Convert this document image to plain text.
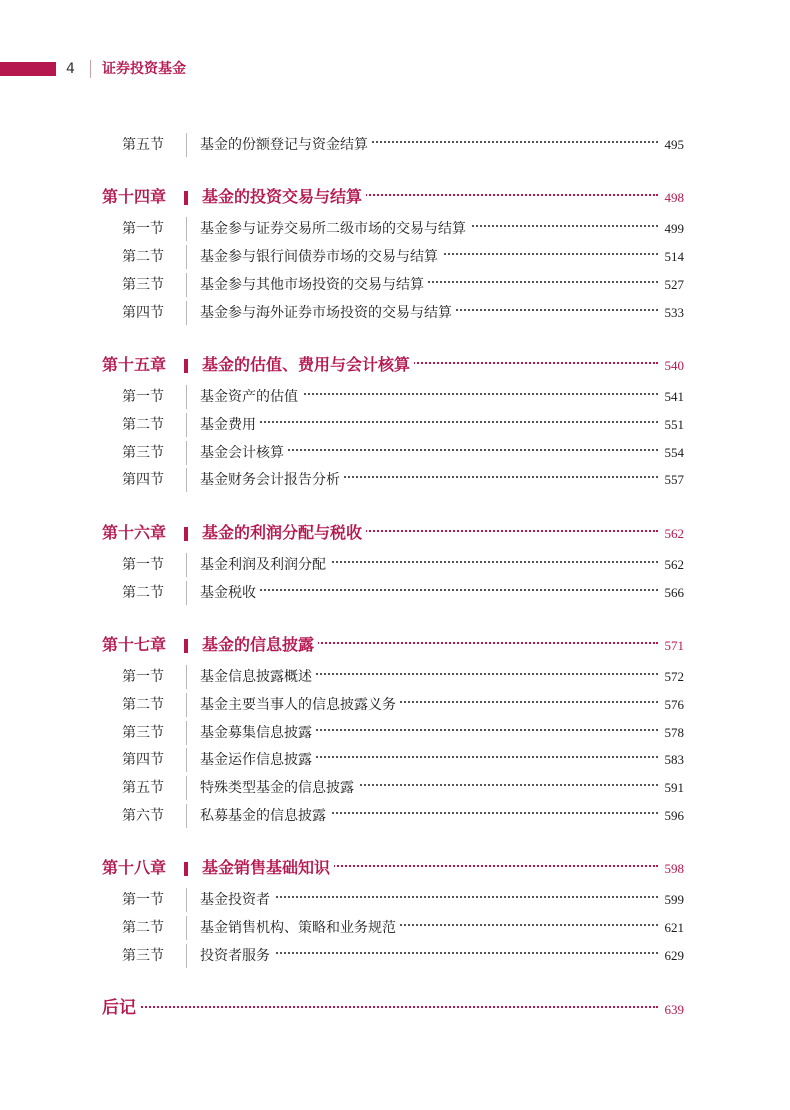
4 证券投资基金
第五节	基金的份额登记与资金结算	495
第十四章 基金的投资交易与结算	498
第一节	基金参与证券交易所二级市场的交易与结算	499
第二节	基金参与银行间债券市场的交易与结算	514
第三节	基金参与其他市场投资的交易与结算	527
第四节	基金参与海外证券市场投资的交易与结算	533
第十五章 基金的估值、费用与会计核算	540
第一节	基金资产的估值	541
第二节	基金费用	551
第三节	基金会计核算	554
第四节	基金财务会计报告分析	557
第十六章 基金的利润分配与税收	562
第一节	基金利润及利润分配	562
第二节	基金税收	566
第十七章 基金的信息披露	571
第一节	基金信息披露概述	572
第二节	基金主要当事人的信息披露义务	576
第三节	基金募集信息披露	578
第四节	基金运作信息披露	583
第五节	特殊类型基金的信息披露	591
第六节	私募基金的信息披露	596
第十八章 基金销售基础知识	598
第一节	基金投资者	599
第二节	基金销售机构、策略和业务规范	621
第三节	投资者服务	629
后记	639
